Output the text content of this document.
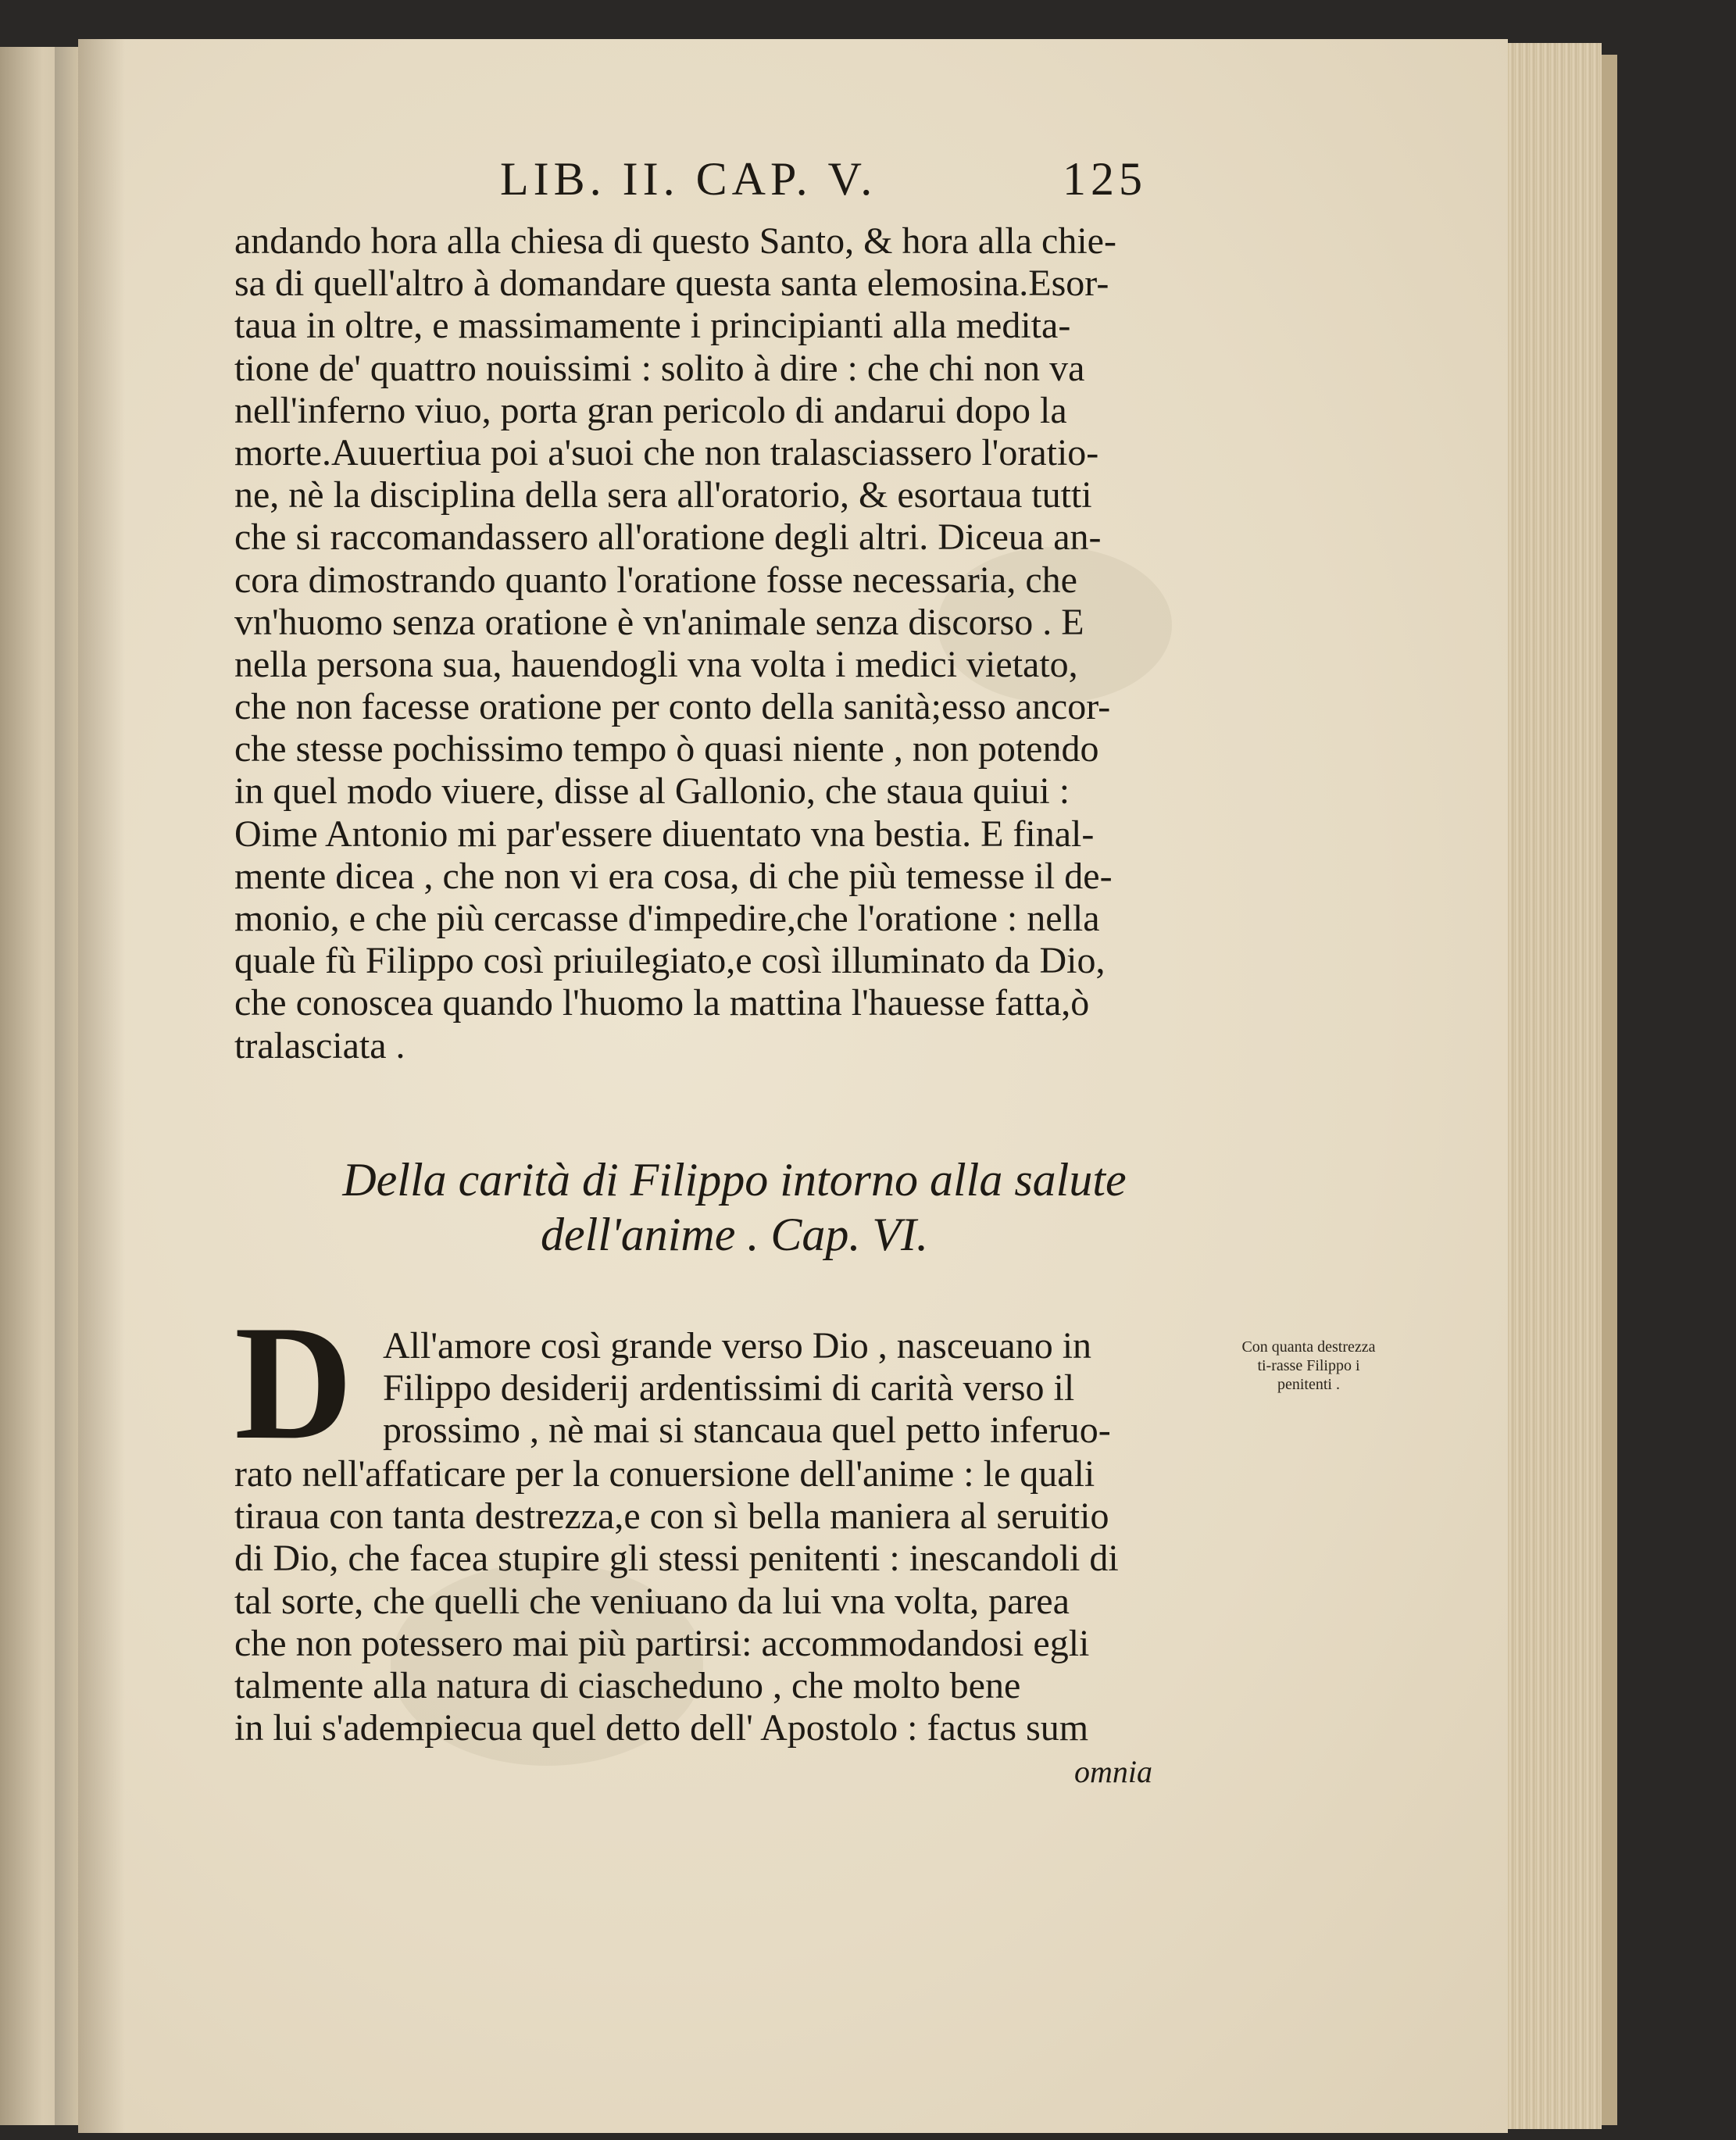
LIB. II. CAP. V.	125
andando hora alla chiesa di questo Santo, & hora alla chie-
sa di quell'altro à domandare questa santa elemosina.Esor-
taua in oltre, e massimamente i principianti alla medita-
tione de' quattro nouissimi : solito à dire : che chi non va
nell'inferno viuo, porta gran pericolo di andarui dopo la
morte.Auuertiua poi a'suoi che non tralasciassero l'oratio-
ne, nè la disciplina della sera all'oratorio, & esortaua tutti
che si raccomandassero all'oratione degli altri. Diceua an-
cora dimostrando quanto l'oratione fosse necessaria, che
vn'huomo senza oratione è vn'animale senza discorso . E
nella persona sua, hauendogli vna volta i medici vietato,
che non facesse oratione per conto della sanità;esso ancor-
che stesse pochissimo tempo ò quasi niente , non potendo
in quel modo viuere, disse al Gallonio, che staua quiui :
Oime Antonio mi par'essere diuentato vna bestia. E final-
mente dicea , che non vi era cosa, di che più temesse il de-
monio, e che più cercasse d'impedire,che l'oratione : nella
quale fù Filippo così priuilegiato,e così illuminato da Dio,
che conoscea quando l'huomo la mattina l'hauesse fatta,ò
tralasciata .
Della carità di Filippo intorno alla salute
dell'anime . Cap. VI.
D All'amore così grande verso Dio , nasceuano in
Filippo desiderij ardentissimi di carità verso il
prossimo , nè mai si stancaua quel petto inferuo-
rato nell'affaticare per la conuersione dell'anime : le quali
tiraua con tanta destrezza,e con sì bella maniera al seruitio
di Dio, che facea stupire gli stessi penitenti : inescandoli di
tal sorte, che quelli che veniuano da lui vna volta, parea
che non potessero mai più partirsi: accommodandosi egli
talmente alla natura di ciascheduno , che molto bene
in lui s'adempiecua quel detto dell' Apostolo : factus sum
omnia
Con quanta destrezza ti-rasse Filippo i penitenti .
